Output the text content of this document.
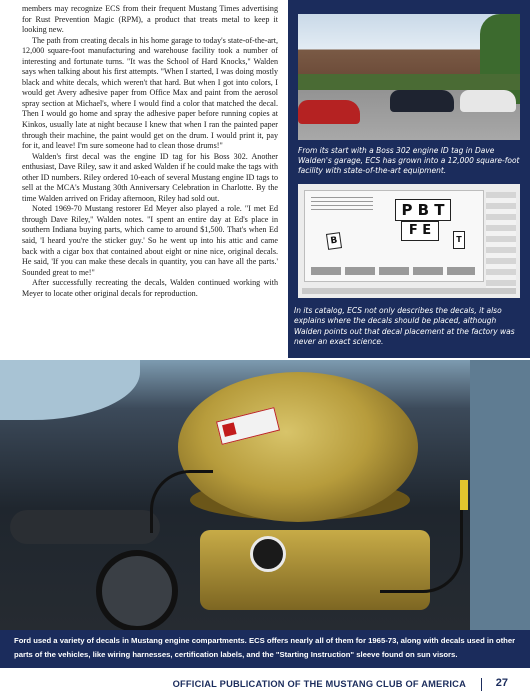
members may recognize ECS from their frequent Mustang Times advertising for Rust Prevention Magic (RPM), a product that treats metal to keep it looking new.

The path from creating decals in his home garage to today's state-of-the-art, 12,000 square-foot manufacturing and warehouse facility took a number of interesting and fortunate turns. "It was the School of Hard Knocks," Walden says when talking about his first attempts. "When I started, I was doing mostly black and white decals, which weren't that hard. But when I got into colors, I would get Avery adhesive paper from Office Max and paint from the aerosol spray section at Michael's, where I would find a color that matched the decal. Then I would go home and spray the adhesive paper before running copies at Kinkos, usually late at night because I knew that when I ran the painted paper through their machine, the paint would get on the drum. I would print it, pay for it, and leave! I'm sure someone had to clean those drums!"

Walden's first decal was the engine ID tag for his Boss 302. Another enthusiast, Dave Riley, saw it and asked Walden if he could make the tags with other ID numbers. Riley ordered 10-each of several Mustang engine ID tags to sell at the MCA's Mustang 30th Anniversary Celebration in Charlotte. By the time Walden arrived on Friday afternoon, Riley had sold out.

Noted 1969-70 Mustang restorer Ed Meyer also played a role. "I met Ed through Dave Riley," Walden notes. "I spent an entire day at Ed's place in southern Indiana buying parts, which came to around $1,500. That's when Ed said, 'I heard you're the sticker guy.' So he went up into his attic and came back with a cigar box that contained about eight or nine nice, original decals. He said, 'If you can make these decals in quantity, you can have all the parts.' Sounded great to me!"

After successfully recreating the decals, Walden continued working with Meyer to locate other original decals for reproduction.

From its start with a Boss 302 engine ID tag in Dave Walden's garage, ECS has grown into a 12,000 square-foot facility with state-of-the-art equipment.
B
P B T
F E
T
In its catalog, ECS not only describes the decals, it also explains where the decals should be placed, although Walden points out that decal placement at the factory was never an exact science.
Ford used a variety of decals in Mustang engine compartments. ECS offers nearly all of them for 1965-73, along with decals used in other parts of the vehicles, like wiring harnesses, certification labels, and the "Starting Instruction" sleeve found on sun visors.
OFFICIAL PUBLICATION OF THE MUSTANG CLUB OF AMERICA	27
